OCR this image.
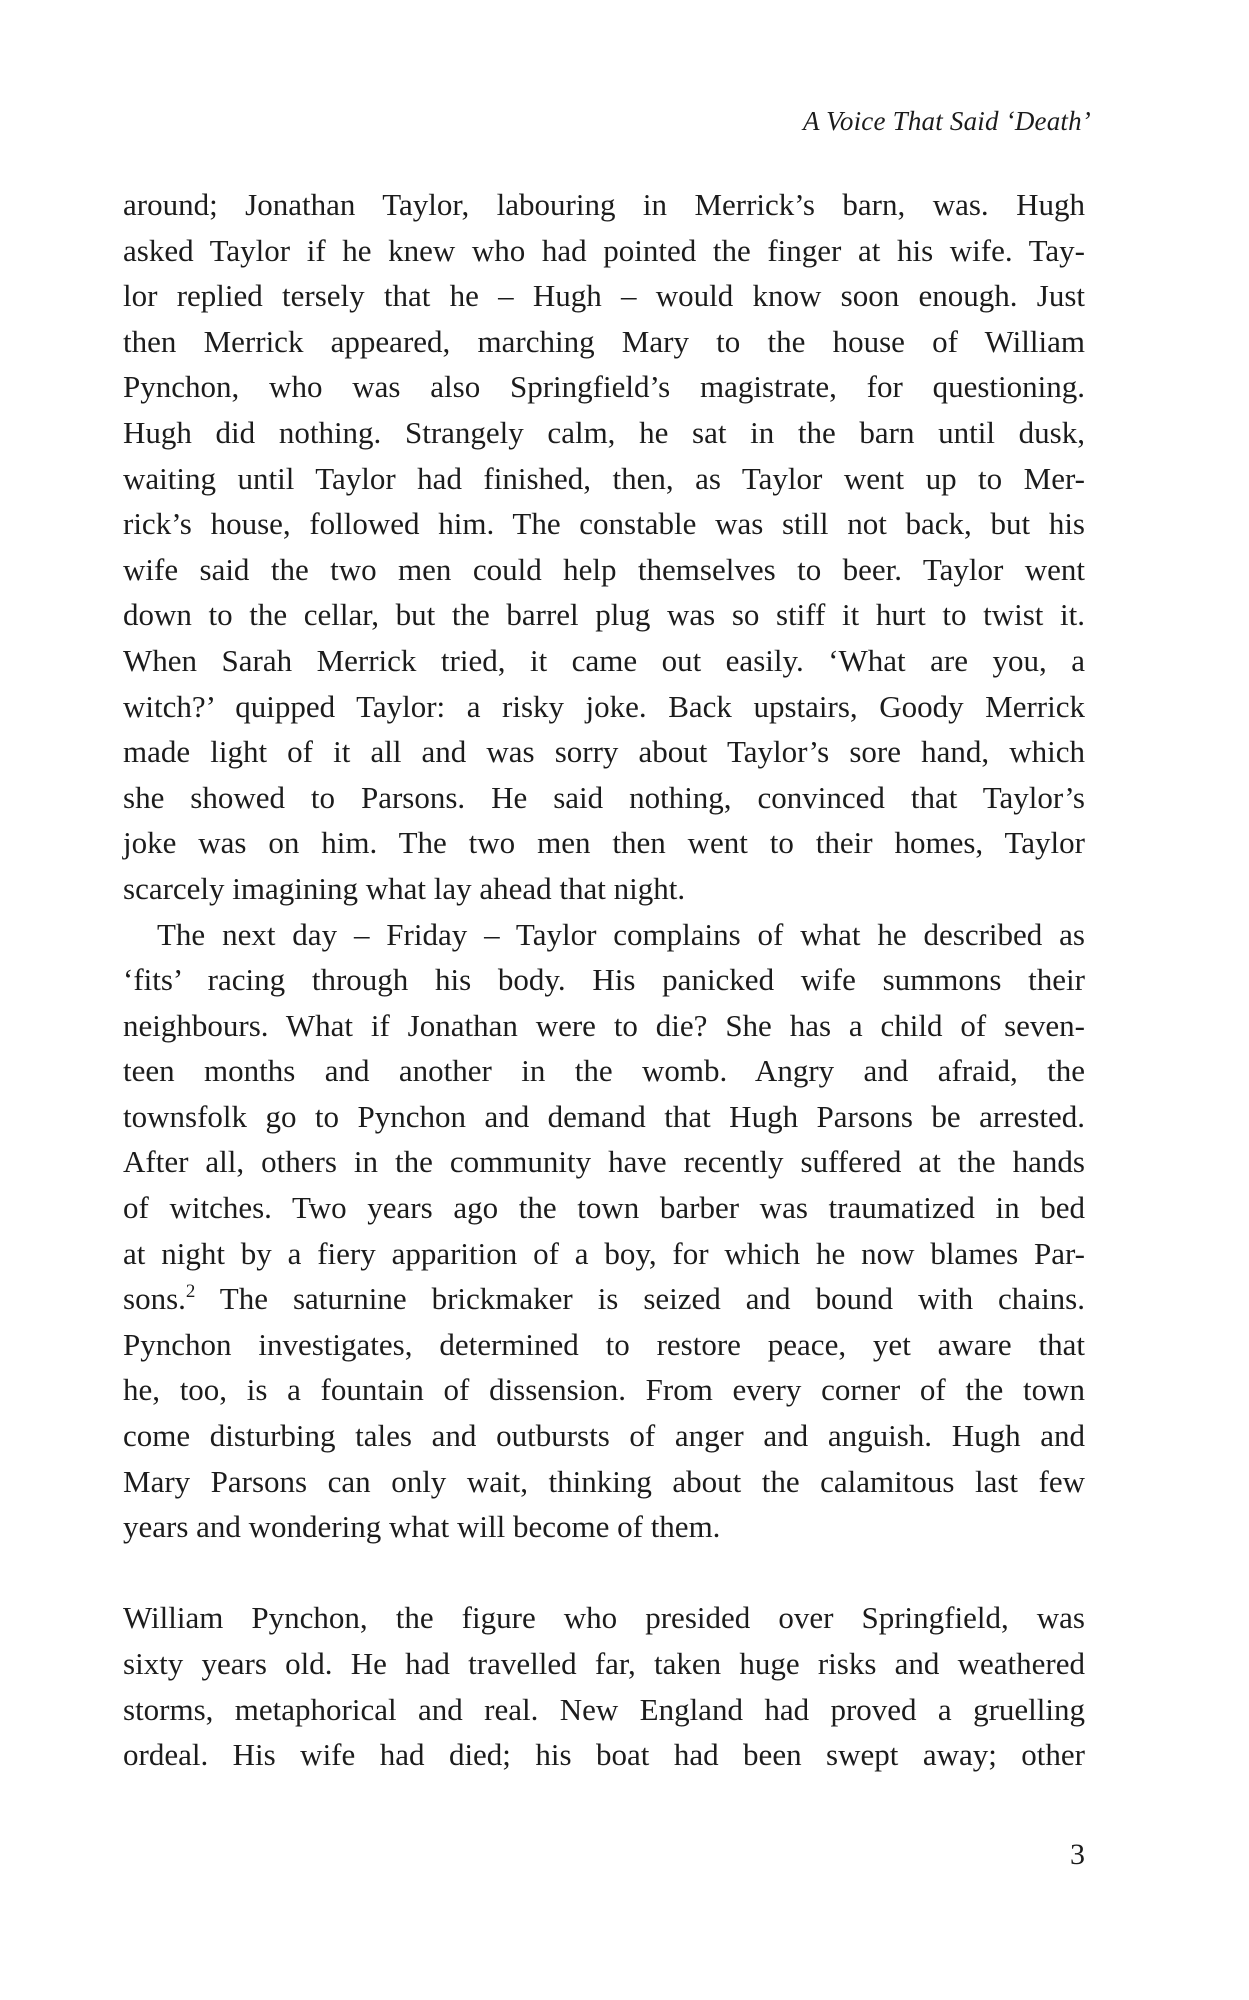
A Voice That Said ‘Death’
around; Jonathan Taylor, labouring in Merrick’s barn, was. Hugh
asked Taylor if he knew who had pointed the finger at his wife. Tay-
lor replied tersely that he – Hugh – would know soon enough. Just
then Merrick appeared, marching Mary to the house of William
Pynchon, who was also Springfield’s magistrate, for questioning.
Hugh did nothing. Strangely calm, he sat in the barn until dusk,
waiting until Taylor had finished, then, as Taylor went up to Mer-
rick’s house, followed him. The constable was still not back, but his
wife said the two men could help themselves to beer. Taylor went
down to the cellar, but the barrel plug was so stiff it hurt to twist it.
When Sarah Merrick tried, it came out easily. ‘What are you, a
witch?’ quipped Taylor: a risky joke. Back upstairs, Goody Merrick
made light of it all and was sorry about Taylor’s sore hand, which
she showed to Parsons. He said nothing, convinced that Taylor’s
joke was on him. The two men then went to their homes, Taylor
scarcely imagining what lay ahead that night.
The next day – Friday – Taylor complains of what he described as
‘fits’ racing through his body. His panicked wife summons their
neighbours. What if Jonathan were to die? She has a child of seven-
teen months and another in the womb. Angry and afraid, the
townsfolk go to Pynchon and demand that Hugh Parsons be arrested.
After all, others in the community have recently suffered at the hands
of witches. Two years ago the town barber was traumatized in bed
at night by a fiery apparition of a boy, for which he now blames Par-
sons.$^2$ The saturnine brickmaker is seized and bound with chains.
Pynchon investigates, determined to restore peace, yet aware that
he, too, is a fountain of dissension. From every corner of the town
come disturbing tales and outbursts of anger and anguish. Hugh and
Mary Parsons can only wait, thinking about the calamitous last few
years and wondering what will become of them.
William Pynchon, the figure who presided over Springfield, was
sixty years old. He had travelled far, taken huge risks and weathered
storms, metaphorical and real. New England had proved a gruelling
ordeal. His wife had died; his boat had been swept away; other
3
